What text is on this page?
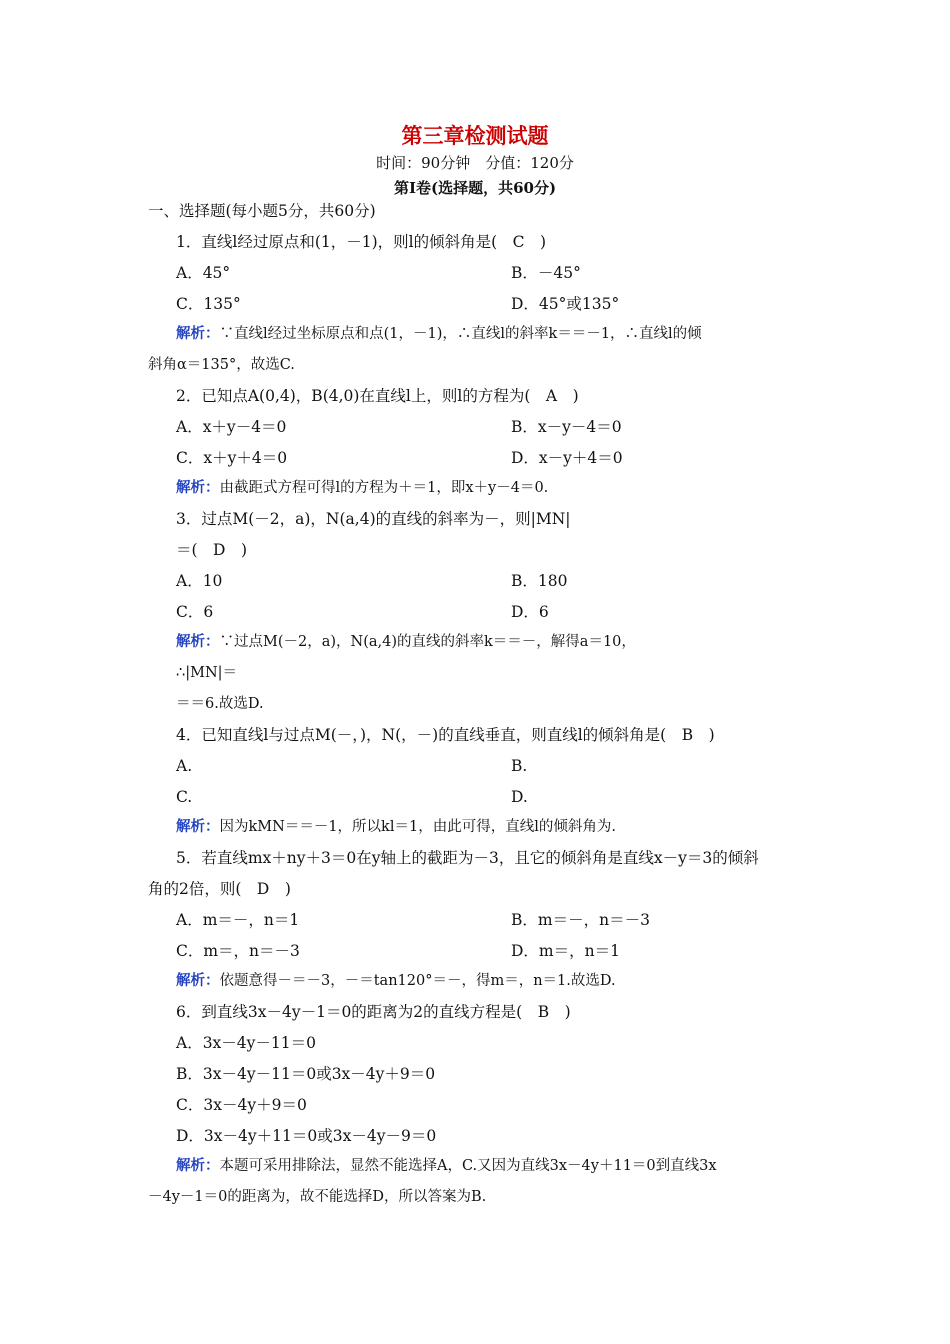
第三章检测试题
时间：90分钟　分值：120分
第Ⅰ卷(选择题，共60分)
一、选择题(每小题5分，共60分)
1．直线l经过原点和(1，－1)，则l的倾斜角是(　C　)
A．45°	B．－45°
C．135°	D．45°或135°
解析：∵直线l经过坐标原点和点(1，－1)，∴直线l的斜率k＝＝－1，∴直线l的倾
斜角α＝135°，故选C.
2．已知点A(0,4)，B(4,0)在直线l上，则l的方程为(　A　)
A．x＋y－4＝0	B．x－y－4＝0
C．x＋y＋4＝0	D．x－y＋4＝0
解析：由截距式方程可得l的方程为＋＝1，即x＋y－4＝0.
3．过点M(－2，a)，N(a,4)的直线的斜率为－，则|MN|
＝(　D　)
A．10	B．180
C．6	D．6
解析：∵过点M(－2，a)，N(a,4)的直线的斜率k＝＝－，解得a＝10，
∴|MN|＝
＝＝6.故选D.
4．已知直线l与过点M(－，)，N(，－)的直线垂直，则直线l的倾斜角是(　B　)
A.	B.
C.	D.
解析：因为kMN＝＝－1，所以kl＝1，由此可得，直线l的倾斜角为.
5．若直线mx＋ny＋3＝0在y轴上的截距为－3，且它的倾斜角是直线x－y＝3的倾斜
角的2倍，则(　D　)
A．m＝－，n＝1	B．m＝－，n＝－3
C．m＝，n＝－3	D．m＝，n＝1
解析：依题意得－＝－3，－＝tan120°＝－，得m＝，n＝1.故选D.
6．到直线3x－4y－1＝0的距离为2的直线方程是(　B　)
A．3x－4y－11＝0
B．3x－4y－11＝0或3x－4y＋9＝0
C．3x－4y＋9＝0
D．3x－4y＋11＝0或3x－4y－9＝0
解析：本题可采用排除法，显然不能选择A，C.又因为直线3x－4y＋11＝0到直线3x
－4y－1＝0的距离为，故不能选择D，所以答案为B.
